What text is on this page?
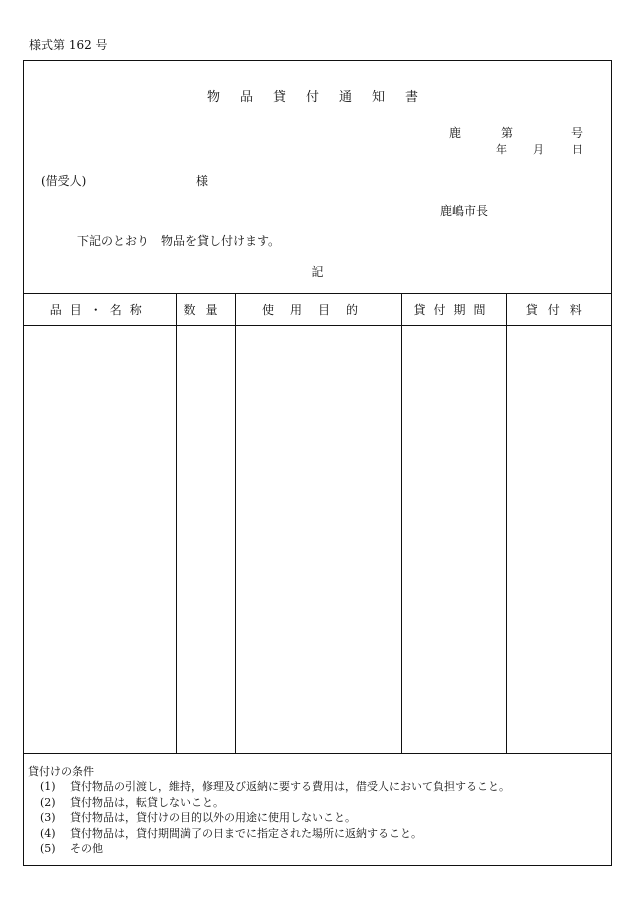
様式第 162 号
物品貸付通知書
鹿	第	号
年 月	日
(借受人)	様
鹿嶋市長
下記のとおり　物品を貸し付けます。
記
品目・名称	数量	使用目的	貸付期間	貸付料

貸付けの条件
(1) 貸付物品の引渡し，維持，修理及び返納に要する費用は，借受人において負担すること。
(2) 貸付物品は，転貸しないこと。
(3) 貸付物品は，貸付けの目的以外の用途に使用しないこと。
(4) 貸付物品は，貸付期間満了の日までに指定された場所に返納すること。
(5) その他
